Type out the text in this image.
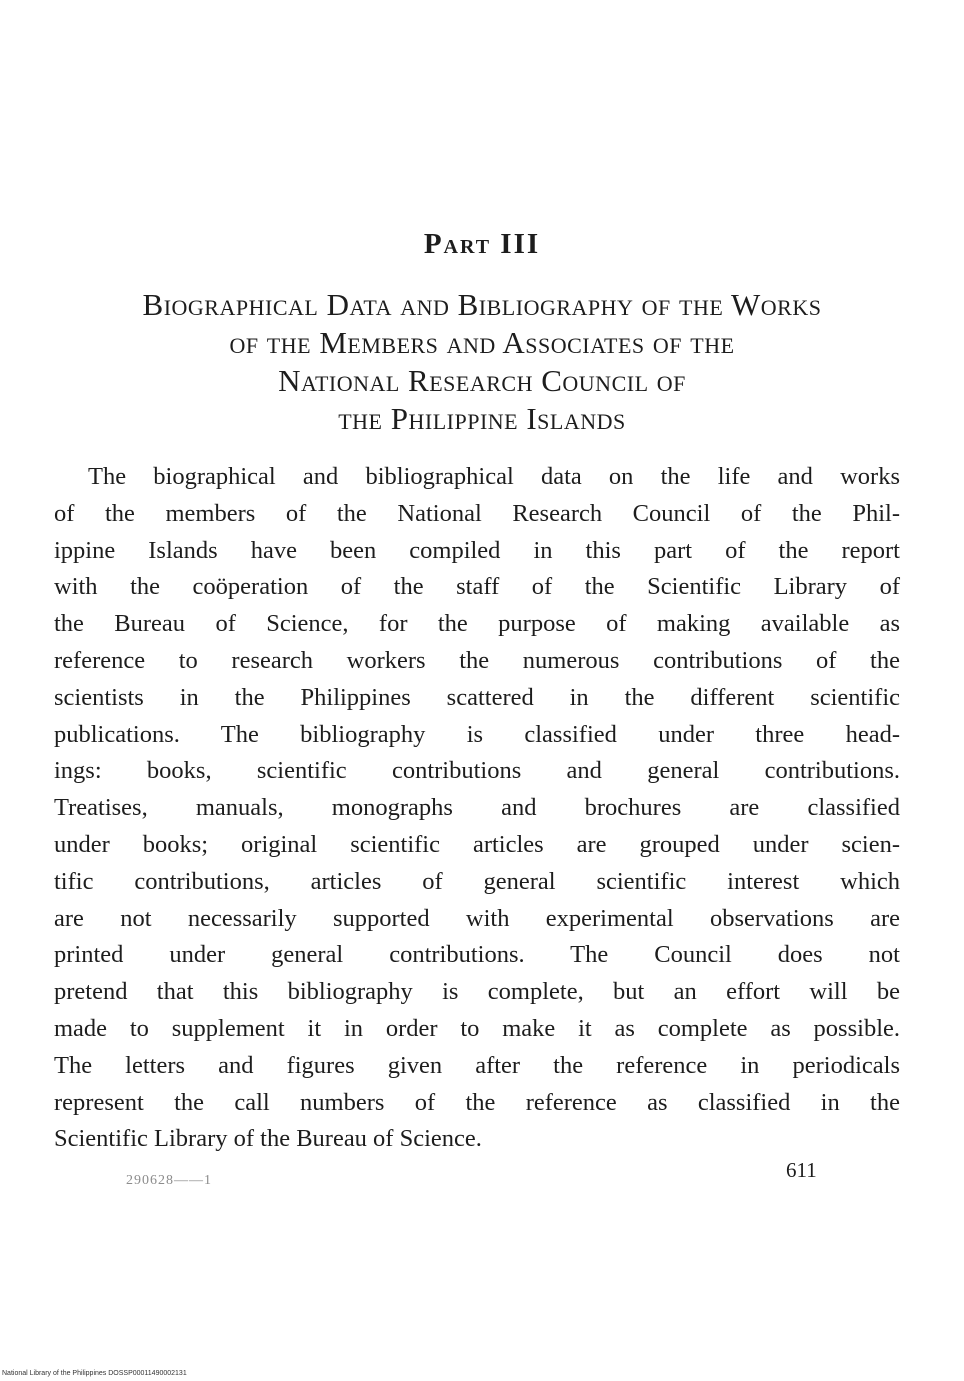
Part III
Biographical Data and Bibliography of the Works
of the Members and Associates of the
National Research Council of
the Philippine Islands
The biographical and bibliographical data on the life and works
of the members of the National Research Council of the Phil-
ippine Islands have been compiled in this part of the report
with the coöperation of the staff of the Scientific Library of
the Bureau of Science, for the purpose of making available as
reference to research workers the numerous contributions of the
scientists in the Philippines scattered in the different scientific
publications. The bibliography is classified under three head-
ings: books, scientific contributions and general contributions.
Treatises, manuals, monographs and brochures are classified
under books; original scientific articles are grouped under scien-
tific contributions, articles of general scientific interest which
are not necessarily supported with experimental observations are
printed under general contributions. The Council does not
pretend that this bibliography is complete, but an effort will be
made to supplement it in order to make it as complete as possible.
The letters and figures given after the reference in periodicals
represent the call numbers of the reference as classified in the
Scientific Library of the Bureau of Science.
290628——1	611
National Library of the Philippines DOSSP00011490002131
